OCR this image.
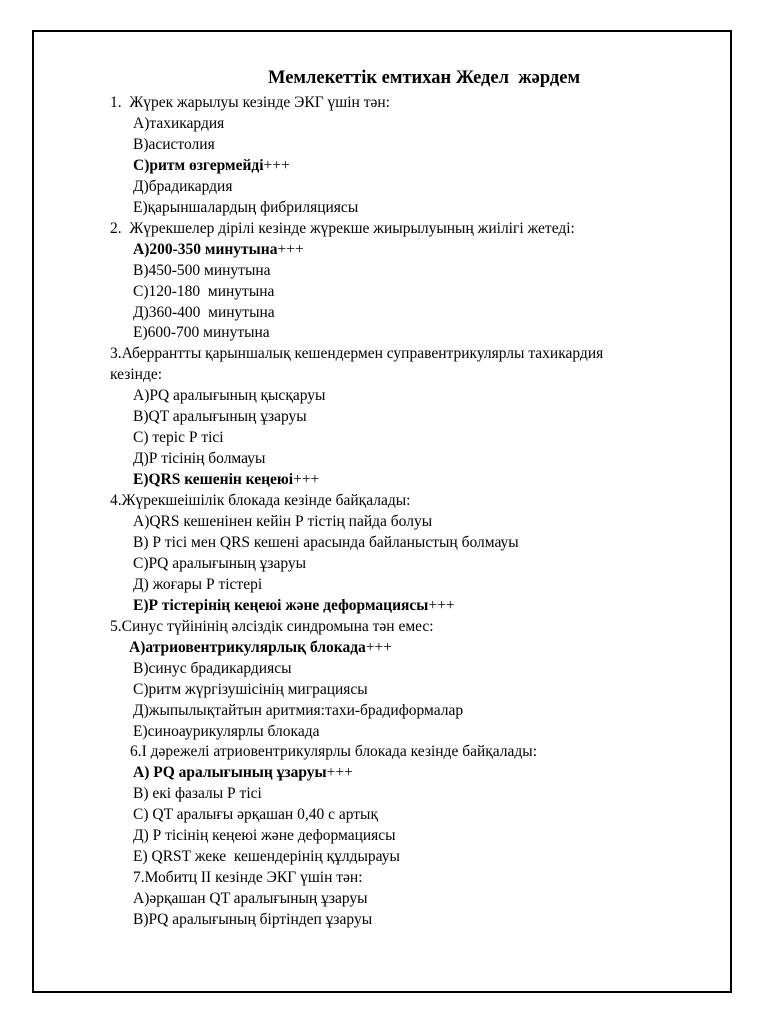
Мемлекеттік емтихан Жедел  жәрдем
1.  Жүрек жарылуы кезінде ЭКГ үшін тән:
А)тахикардия
В)асистолия
С)ритм өзгермейді+++
Д)брадикардия
Е)қарыншалардың фибриляциясы
2.  Жүрекшелер дірілі кезінде жүрекше жиырылуының жиілігі жетеді:
А)200-350 минутына+++
В)450-500 минутына
С)120-180  минутына
Д)360-400  минутына
Е)600-700 минутына
3.Аберрантты қарыншалық кешендермен суправентрикулярлы тахикардия
кезінде:
А)PQ аралығының қысқаруы
В)QT аралығының ұзаруы
С) теріс Р тісі
Д)Р тісінің болмауы
Е)QRS кешенін кеңеюі+++
4.Жүрекшеішілік блокада кезінде байқалады:
А)QRS кешенінен кейін Р тістің пайда болуы
В) Р тісі мен QRS кешені арасында байланыстың болмауы
С)PQ аралығының ұзаруы
Д) жоғары Р тістері
Е)Р тістерінің кеңеюі және деформациясы+++
5.Синус түйінінің әлсіздік синдромына тән емес:
А)атриовентрикулярлық блокада+++
В)синус брадикардиясы
С)ритм жүргізушісінің миграциясы
Д)жыпылықтайтын аритмия:тахи-брадиформалар
Е)синоаурикулярлы блокада
6.І дәрежелі атриовентрикулярлы блокада кезінде байқалады:
А) PQ аралығының ұзаруы+++
В) екі фазалы Р тісі
С) QT аралығы әрқашан 0,40 с артық
Д) Р тісінің кеңеюі және деформациясы
Е) QRST жеке  кешендерінің құлдырауы
7.Мобитц ІІ кезінде ЭКГ үшін тән:
А)әрқашан QT аралығының ұзаруы
В)PQ аралығының біртіндеп ұзаруы
